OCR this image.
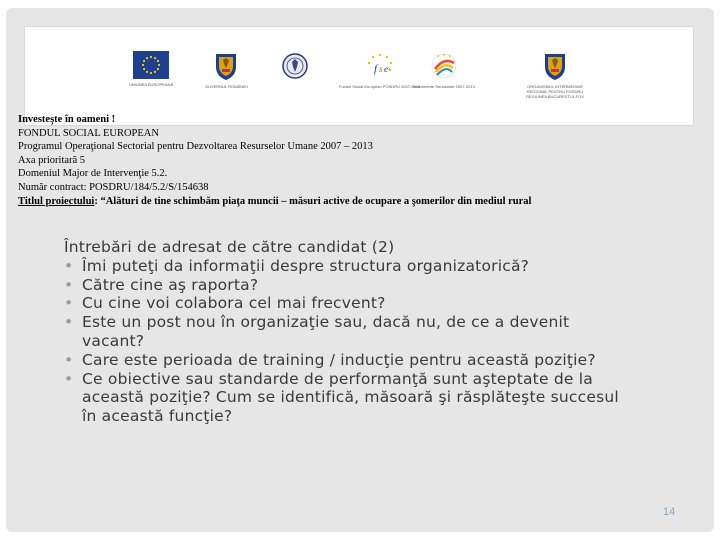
UNIUNEA EUROPEANĂ	GUVERNUL ROMÂNIEI
f s e
Fondul Social European POSDRU 2007-2013
Instrumente Structurale 2007-2013	ORGANISMUL INTERMEDIAR REGIONAL PENTRU POSDRU REGIUNEA BUCUREȘTI-ILFOV
Investeşte în oameni !
FONDUL SOCIAL EUROPEAN
Programul Operaţional Sectorial pentru Dezvoltarea Resurselor Umane 2007 – 2013
Axa prioritară 5
Domeniul Major de Intervenţie 5.2.
Număr contract: POSDRU/184/5.2/S/154638
Titlul proiectului: “Alături de tine schimbăm piaţa muncii – măsuri active de ocupare a şomerilor din mediul rural
Întrebări de adresat de către candidat (2)
• Îmi puteţi da informaţii despre structura organizatorică?
• Către cine aş raporta?
• Cu cine voi colabora cel mai frecvent?
• Este un post nou în organizaţie sau, dacă nu, de ce a devenit vacant?
• Care este perioada de training / inducţie pentru această poziţie?
• Ce obiective sau standarde de performanţă sunt aşteptate de la această poziţie? Cum se identifică, măsoară şi răsplăteşte succesul în această funcţie?
14
